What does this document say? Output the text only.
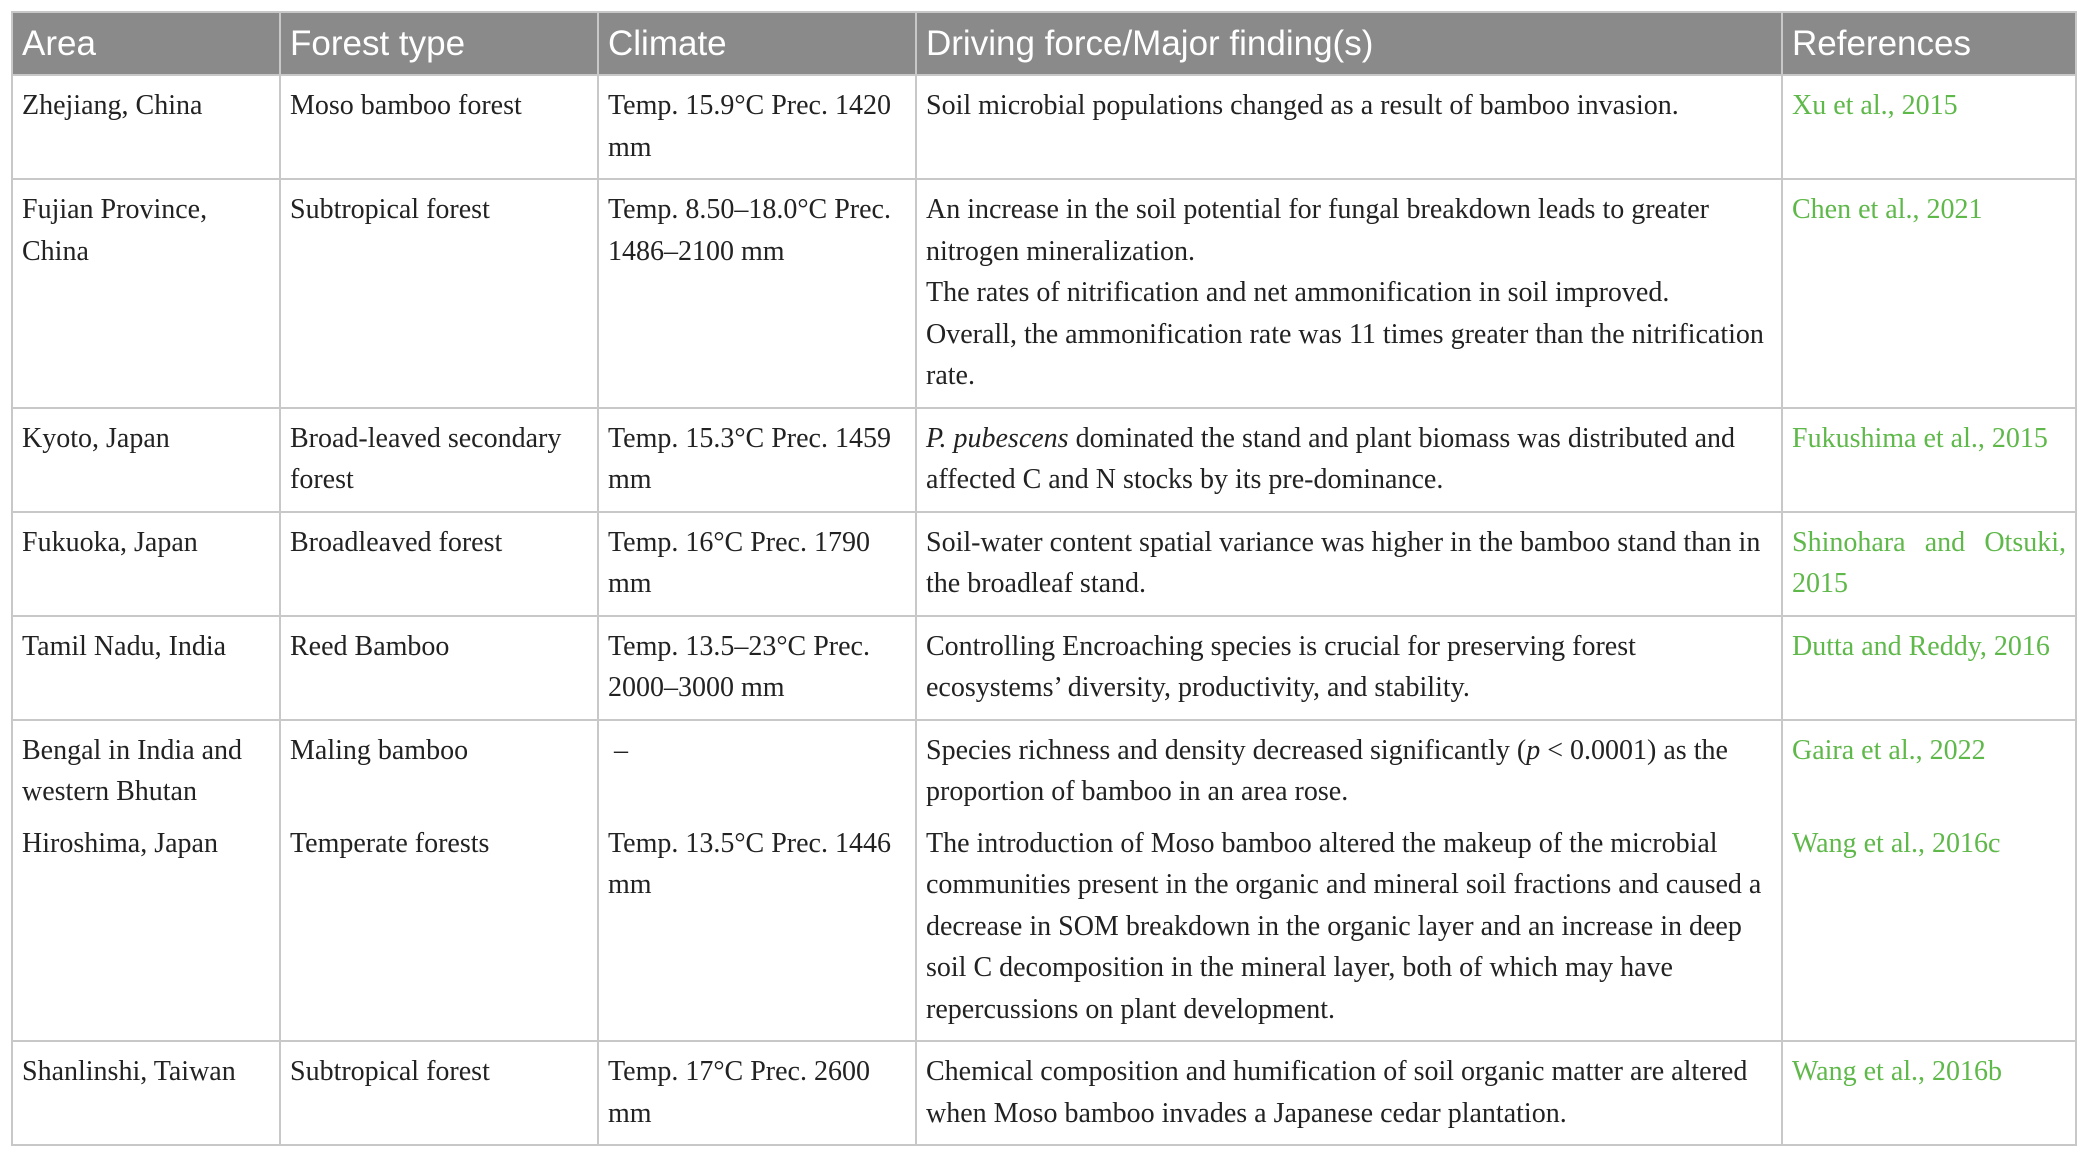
Area	Forest type	Climate	Driving force/Major finding(s)	References
Zhejiang, China	Moso bamboo forest	Temp. 15.9°C Prec. 1420 mm	Soil microbial populations changed as a result of bamboo invasion.	Xu et al., 2015
Fujian Province, China	Subtropical forest	Temp. 8.50–18.0°C Prec. 1486–2100 mm	An increase in the soil potential for fungal breakdown leads to greater nitrogen mineralization.
The rates of nitrification and net ammonification in soil improved.
Overall, the ammonification rate was 11 times greater than the nitrification rate.	Chen et al., 2021
Kyoto, Japan	Broad-leaved secondary forest	Temp. 15.3°C Prec. 1459 mm	P. pubescens dominated the stand and plant biomass was distributed and affected C and N stocks by its pre-dominance.	Fukushima et al., 2015
Fukuoka, Japan	Broadleaved forest	Temp. 16°C Prec. 1790 mm	Soil-water content spatial variance was higher in the bamboo stand than in the broadleaf stand.	Shinohara and Otsuki, 2015
Tamil Nadu, India	Reed Bamboo	Temp. 13.5–23°C Prec. 2000–3000 mm	Controlling Encroaching species is crucial for preserving forest ecosystems’ diversity, productivity, and stability.	Dutta and Reddy, 2016
Bengal in India and western Bhutan	Maling bamboo	–	Species richness and density decreased significantly (p < 0.0001) as the proportion of bamboo in an area rose.	Gaira et al., 2022
Hiroshima, Japan	Temperate forests	Temp. 13.5°C Prec. 1446 mm	The introduction of Moso bamboo altered the makeup of the microbial communities present in the organic and mineral soil fractions and caused a decrease in SOM breakdown in the organic layer and an increase in deep soil C decomposition in the mineral layer, both of which may have repercussions on plant development.	Wang et al., 2016c
Shanlinshi, Taiwan	Subtropical forest	Temp. 17°C Prec. 2600 mm	Chemical composition and humification of soil organic matter are altered when Moso bamboo invades a Japanese cedar plantation.	Wang et al., 2016b
